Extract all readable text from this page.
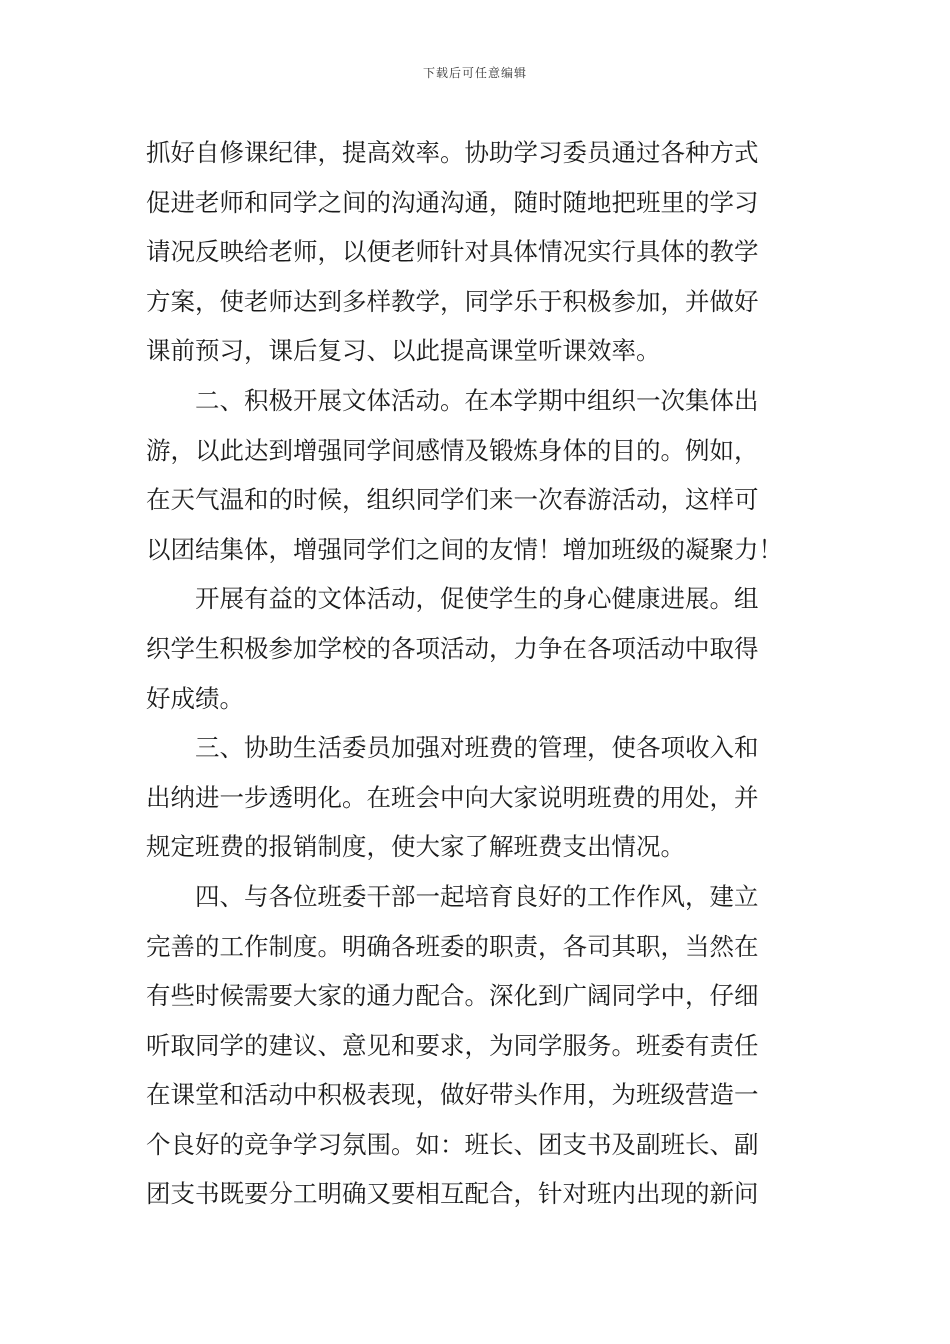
下载后可任意编辑
抓好自修课纪律，提高效率。协助学习委员通过各种方式
促进老师和同学之间的沟通沟通，随时随地把班里的学习
请况反映给老师，以便老师针对具体情况实行具体的教学
方案，使老师达到多样教学，同学乐于积极参加，并做好
课前预习，课后复习、以此提高课堂听课效率。
二、积极开展文体活动。在本学期中组织一次集体出
游，以此达到增强同学间感情及锻炼身体的目的。例如，
在天气温和的时候，组织同学们来一次春游活动，这样可
以团结集体，增强同学们之间的友情！增加班级的凝聚力！
开展有益的文体活动，促使学生的身心健康进展。组
织学生积极参加学校的各项活动，力争在各项活动中取得
好成绩。
三、协助生活委员加强对班费的管理，使各项收入和
出纳进一步透明化。在班会中向大家说明班费的用处，并
规定班费的报销制度，使大家了解班费支出情况。
四、与各位班委干部一起培育良好的工作作风，建立
完善的工作制度。明确各班委的职责，各司其职，当然在
有些时候需要大家的通力配合。深化到广阔同学中，仔细
听取同学的建议、意见和要求，为同学服务。班委有责任
在课堂和活动中积极表现，做好带头作用，为班级营造一
个良好的竞争学习氛围。如：班长、团支书及副班长、副
团支书既要分工明确又要相互配合，针对班内出现的新问
